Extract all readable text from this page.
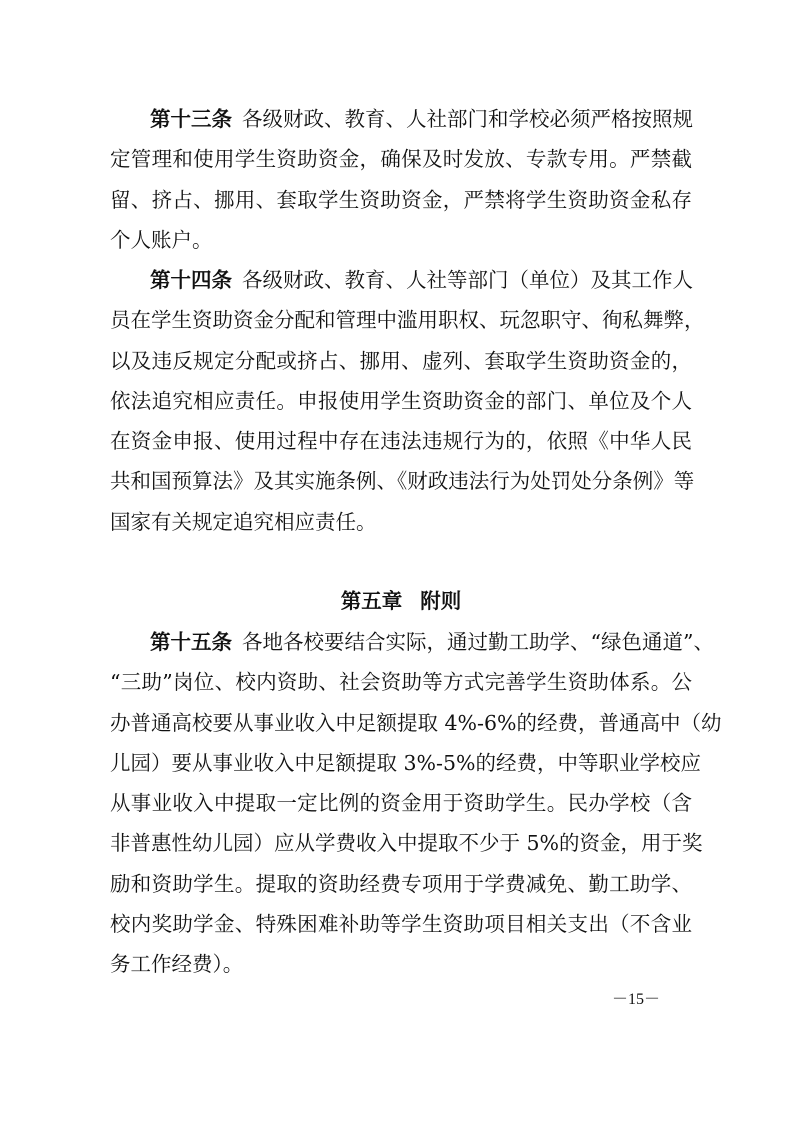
第十三条 各级财政、教育、人社部门和学校必须严格按照规
定管理和使用学生资助资金，确保及时发放、专款专用。严禁截
留、挤占、挪用、套取学生资助资金，严禁将学生资助资金私存
个人账户。
第十四条 各级财政、教育、人社等部门（单位）及其工作人
员在学生资助资金分配和管理中滥用职权、玩忽职守、徇私舞弊，
以及违反规定分配或挤占、挪用、虚列、套取学生资助资金的，
依法追究相应责任。申报使用学生资助资金的部门、单位及个人
在资金申报、使用过程中存在违法违规行为的，依照《中华人民
共和国预算法》及其实施条例、《财政违法行为处罚处分条例》等
国家有关规定追究相应责任。
第五章 附则
第十五条 各地各校要结合实际，通过勤工助学、“绿色通道”、
“三助”岗位、校内资助、社会资助等方式完善学生资助体系。公
办普通高校要从事业收入中足额提取 4%-6%的经费，普通高中（幼
儿园）要从事业收入中足额提取 3%-5%的经费，中等职业学校应
从事业收入中提取一定比例的资金用于资助学生。民办学校（含
非普惠性幼儿园）应从学费收入中提取不少于 5%的资金，用于奖
励和资助学生。提取的资助经费专项用于学费减免、勤工助学、
校内奖助学金、特殊困难补助等学生资助项目相关支出（不含业
务工作经费）。
－15－
